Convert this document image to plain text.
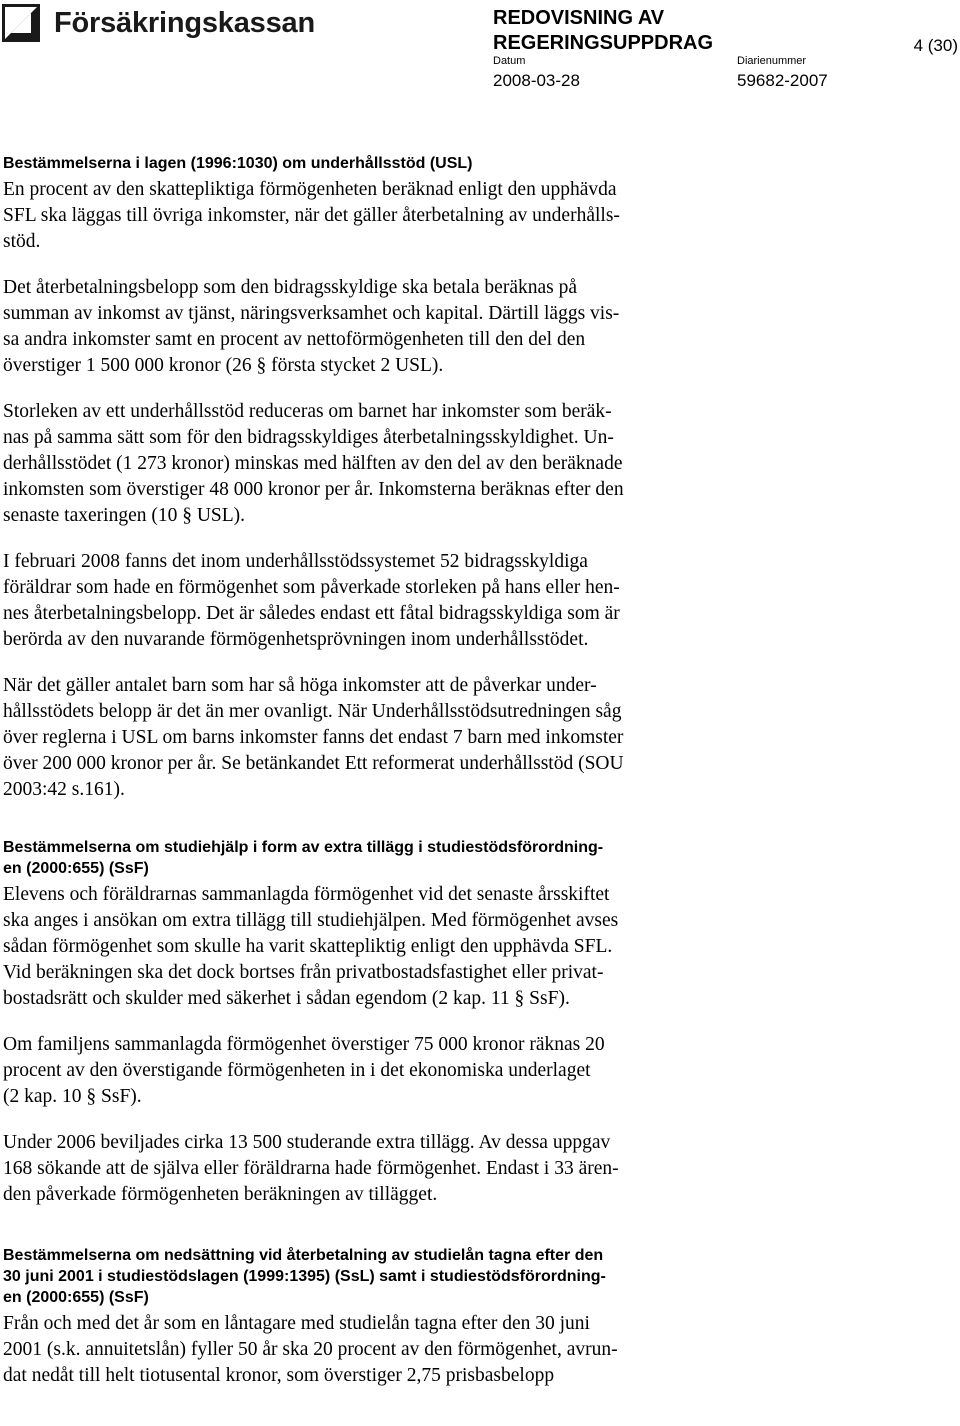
Försäkringskassan	REDOVISNING AV
REGERINGSUPPDRAG	4 (30)
Datum
2008-03-28
Diarienummer
59682-2007
Bestämmelserna i lagen (1996:1030) om underhållsstöd (USL)

En procent av den skattepliktiga förmögenheten beräknad enligt den upphävda
SFL ska läggas till övriga inkomster, när det gäller återbetalning av underhålls-
stöd.

Det återbetalningsbelopp som den bidragsskyldige ska betala beräknas på
summan av inkomst av tjänst, näringsverksamhet och kapital. Därtill läggs vis-
sa andra inkomster samt en procent av nettoförmögenheten till den del den
överstiger 1 500 000 kronor (26 § första stycket 2 USL).

Storleken av ett underhållsstöd reduceras om barnet har inkomster som beräk-
nas på samma sätt som för den bidragsskyldiges återbetalningsskyldighet. Un-
derhållsstödet (1 273 kronor) minskas med hälften av den del av den beräknade
inkomsten som överstiger 48 000 kronor per år. Inkomsterna beräknas efter den
senaste taxeringen (10 § USL).

I februari 2008 fanns det inom underhållsstödssystemet 52 bidragsskyldiga
föräldrar som hade en förmögenhet som påverkade storleken på hans eller hen-
nes återbetalningsbelopp. Det är således endast ett fåtal bidragsskyldiga som är
berörda av den nuvarande förmögenhetsprövningen inom underhållsstödet.

När det gäller antalet barn som har så höga inkomster att de påverkar under-
hållsstödets belopp är det än mer ovanligt. När Underhållsstödsutredningen såg
över reglerna i USL om barns inkomster fanns det endast 7 barn med inkomster
över 200 000 kronor per år. Se betänkandet Ett reformerat underhållsstöd (SOU
2003:42 s.161).

Bestämmelserna om studiehjälp i form av extra tillägg i studiestödsförordning-
en (2000:655) (SsF)

Elevens och föräldrarnas sammanlagda förmögenhet vid det senaste årsskiftet
ska anges i ansökan om extra tillägg till studiehjälpen. Med förmögenhet avses
sådan förmögenhet som skulle ha varit skattepliktig enligt den upphävda SFL.
Vid beräkningen ska det dock bortses från privatbostadsfastighet eller privat-
bostadsrätt och skulder med säkerhet i sådan egendom (2 kap. 11 § SsF).

Om familjens sammanlagda förmögenhet överstiger 75 000 kronor räknas 20
procent av den överstigande förmögenheten in i det ekonomiska underlaget
(2 kap. 10 § SsF).

Under 2006 beviljades cirka 13 500 studerande extra tillägg. Av dessa uppgav
168 sökande att de själva eller föräldrarna hade förmögenhet. Endast i 33 ären-
den påverkade förmögenheten beräkningen av tillägget.

Bestämmelserna om nedsättning vid återbetalning av studielån tagna efter den
30 juni 2001 i studiestödslagen (1999:1395) (SsL) samt i studiestödsförordning-
en (2000:655) (SsF)

Från och med det år som en låntagare med studielån tagna efter den 30 juni
2001 (s.k. annuitetslån) fyller 50 år ska 20 procent av den förmögenhet, avrun-
dat nedåt till helt tiotusental kronor, som överstiger 2,75 prisbasbelopp
